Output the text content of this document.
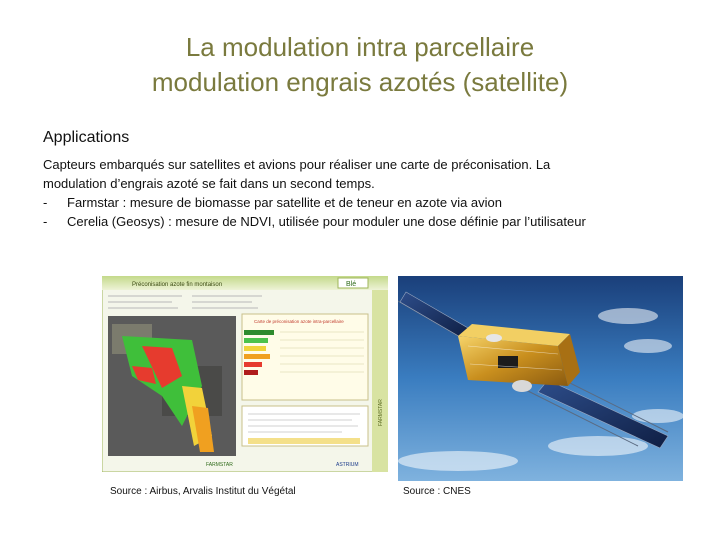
La modulation intra parcellaire
modulation engrais azotés (satellite)
Applications
Capteurs embarqués sur satellites et avions pour réaliser une carte de préconisation. La
modulation d’engrais azoté se fait dans un second temps.
-	Farmstar : mesure de biomasse par satellite et de teneur en azote via avion
-	Cerelia (Geosys) : mesure de NDVI, utilisée pour moduler une dose définie par l’utilisateur
Préconisation azote fin montaison	Blé
FARMSTAR
Carte de préconisation azote intra-parcellaire
FARMSTAR	ASTRIUM
Source : Airbus, Arvalis Institut du Végétal	Source : CNES
